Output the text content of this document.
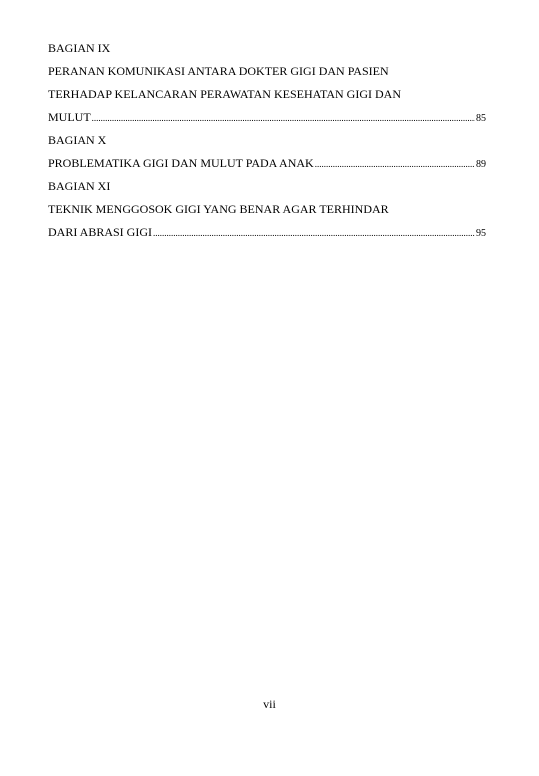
BAGIAN IX
PERANAN KOMUNIKASI ANTARA DOKTER GIGI DAN PASIEN
TERHADAP KELANCARAN PERAWATAN KESEHATAN GIGI DAN
MULUT .....	85
BAGIAN X
PROBLEMATIKA GIGI DAN MULUT PADA ANAK .....	89
BAGIAN XI
TEKNIK MENGGOSOK GIGI YANG BENAR AGAR TERHINDAR
DARI ABRASI GIGI .....	95
vii
